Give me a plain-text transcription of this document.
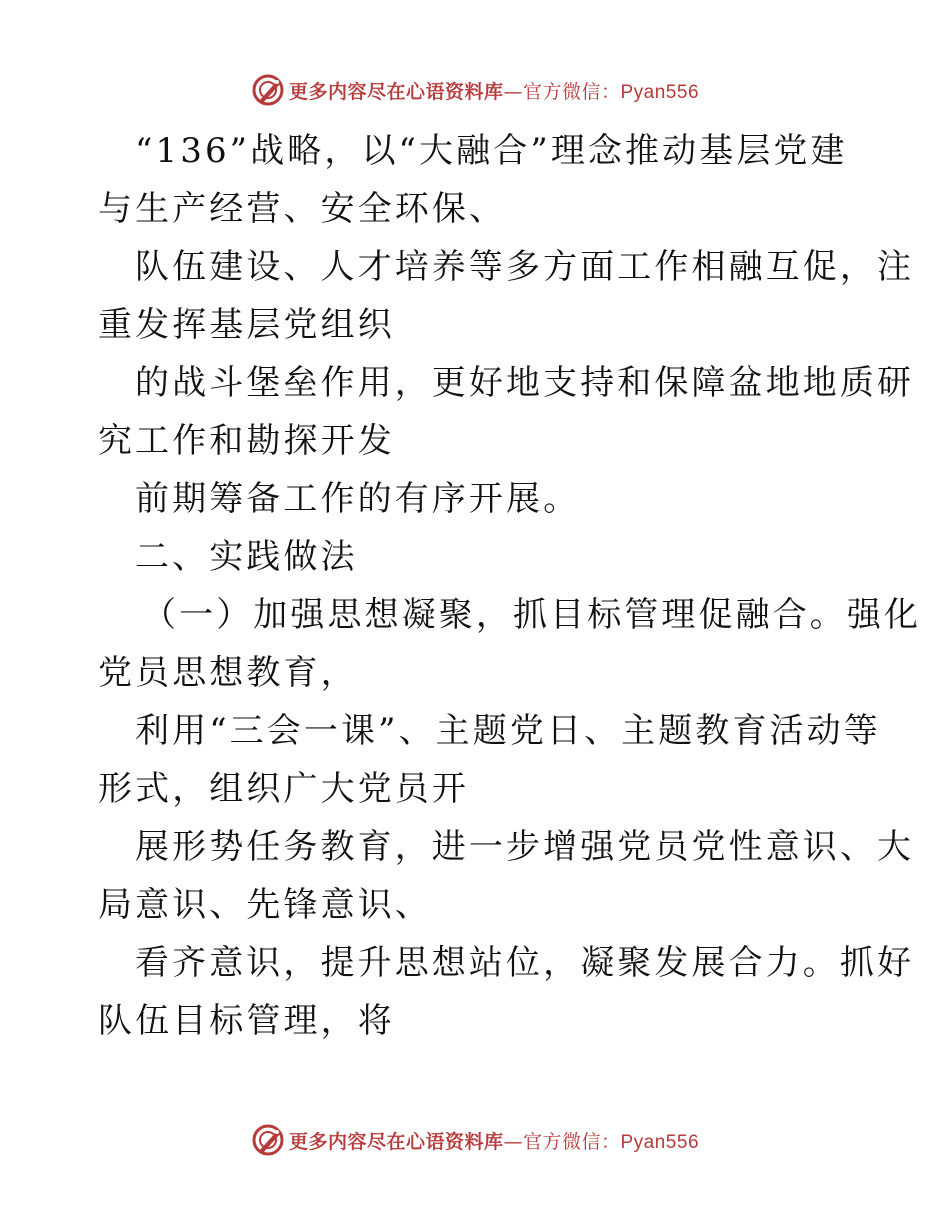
更多内容尽在心语资料库—官方微信：Pyan556
“136”战略，以“大融合”理念推动基层党建
与生产经营、安全环保、
队伍建设、人才培养等多方面工作相融互促，注
重发挥基层党组织
的战斗堡垒作用，更好地支持和保障盆地地质研
究工作和勘探开发
前期筹备工作的有序开展。
二、实践做法
（一）加强思想凝聚，抓目标管理促融合。强化
党员思想教育，
利用“三会一课”、主题党日、主题教育活动等
形式，组织广大党员开
展形势任务教育，进一步增强党员党性意识、大
局意识、先锋意识、
看齐意识，提升思想站位，凝聚发展合力。抓好
队伍目标管理，将
更多内容尽在心语资料库—官方微信：Pyan556
